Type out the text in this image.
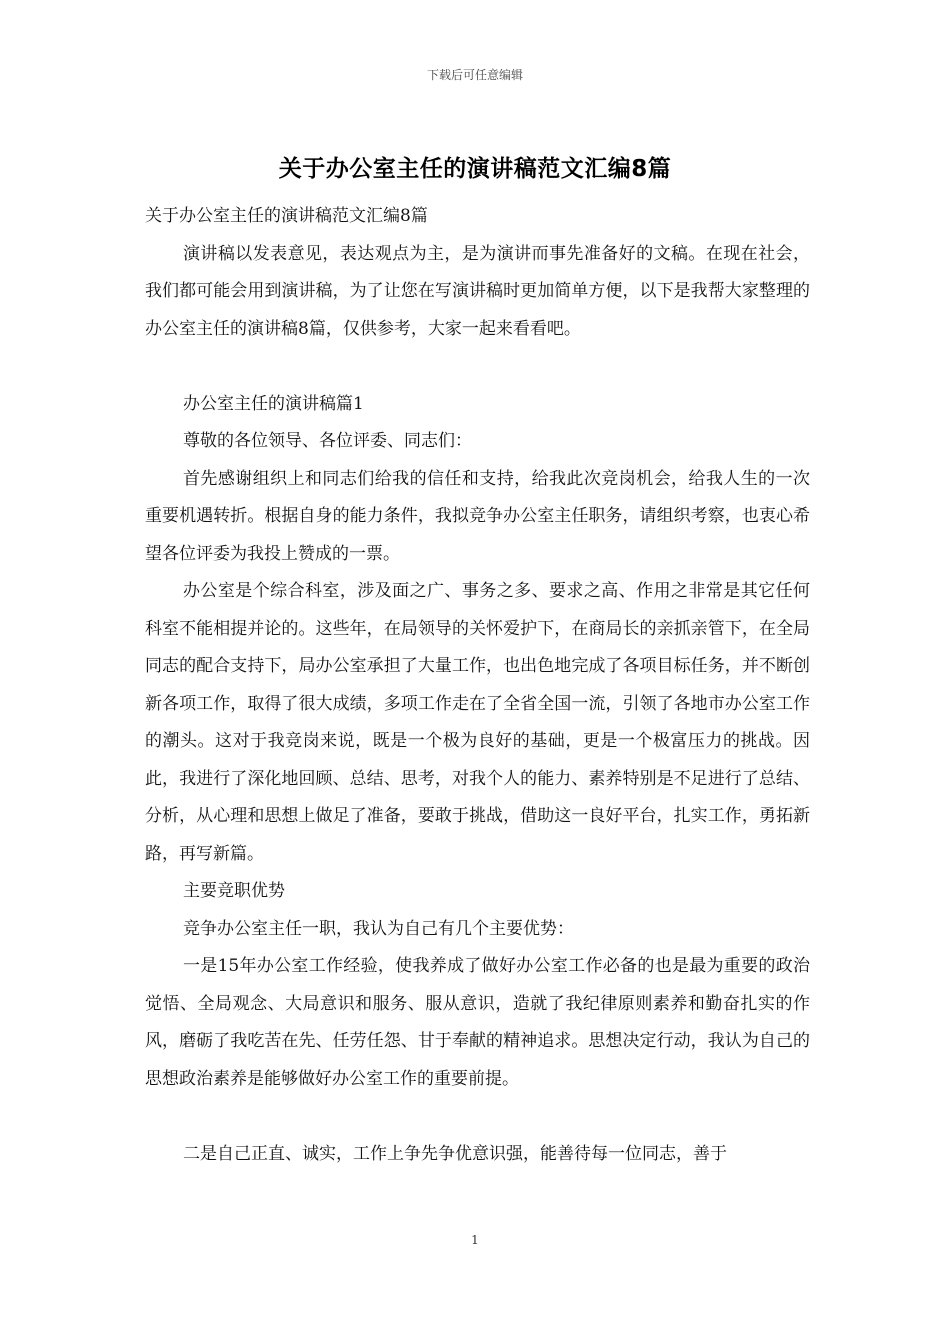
下载后可任意编辑
关于办公室主任的演讲稿范文汇编8篇

关于办公室主任的演讲稿范文汇编8篇

演讲稿以发表意见，表达观点为主，是为演讲而事先准备好的文稿。在现在社会，我们都可能会用到演讲稿，为了让您在写演讲稿时更加简单方便，以下是我帮大家整理的办公室主任的演讲稿8篇，仅供参考，大家一起来看看吧。

办公室主任的演讲稿篇1

尊敬的各位领导、各位评委、同志们：

首先感谢组织上和同志们给我的信任和支持，给我此次竞岗机会，给我人生的一次重要机遇转折。根据自身的能力条件，我拟竞争办公室主任职务，请组织考察，也衷心希望各位评委为我投上赞成的一票。

办公室是个综合科室，涉及面之广、事务之多、要求之高、作用之非常是其它任何科室不能相提并论的。这些年，在局领导的关怀爱护下，在商局长的亲抓亲管下，在全局同志的配合支持下，局办公室承担了大量工作，也出色地完成了各项目标任务，并不断创新各项工作，取得了很大成绩，多项工作走在了全省全国一流，引领了各地市办公室工作的潮头。这对于我竞岗来说，既是一个极为良好的基础，更是一个极富压力的挑战。因此，我进行了深化地回顾、总结、思考，对我个人的能力、素养特别是不足进行了总结、分析，从心理和思想上做足了准备，要敢于挑战，借助这一良好平台，扎实工作，勇拓新路，再写新篇。

主要竞职优势

竞争办公室主任一职，我认为自己有几个主要优势：

一是15年办公室工作经验，使我养成了做好办公室工作必备的也是最为重要的政治觉悟、全局观念、大局意识和服务、服从意识，造就了我纪律原则素养和勤奋扎实的作风，磨砺了我吃苦在先、任劳任怨、甘于奉献的精神追求。思想决定行动，我认为自己的思想政治素养是能够做好办公室工作的重要前提。

二是自己正直、诚实，工作上争先争优意识强，能善待每一位同志，善于

1
